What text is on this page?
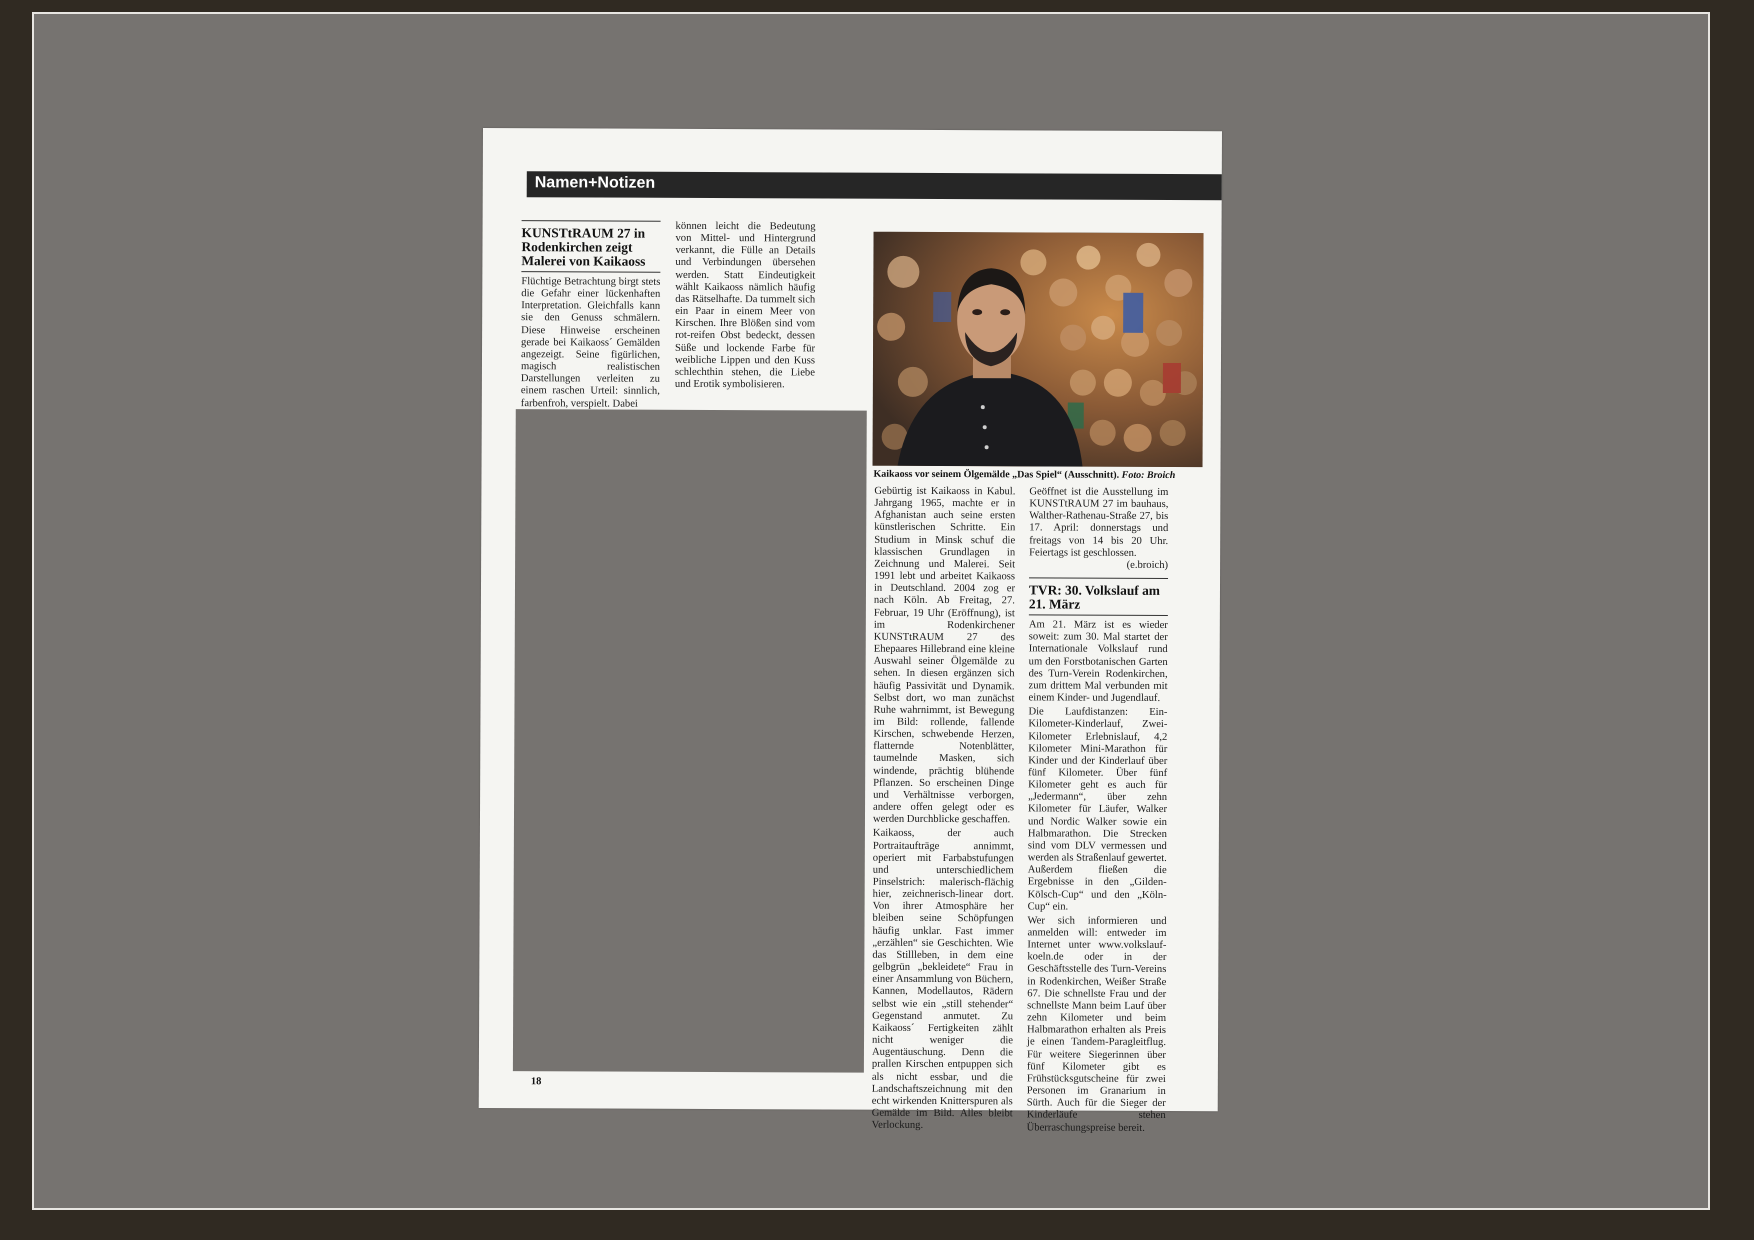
Namen+Notizen
KUNSTtRAUM 27 in Rodenkirchen zeigt Malerei von Kaikaoss

Flüchtige Betrachtung birgt stets die Gefahr einer lückenhaften Interpretation. Gleichfalls kann sie den Genuss schmälern. Diese Hinweise erscheinen gerade bei Kaikaoss´ Gemälden angezeigt. Seine figürlichen, magisch realistischen Darstellungen verleiten zu einem raschen Urteil: sinnlich, farbenfroh, verspielt. Dabei

können leicht die Bedeutung von Mittel- und Hintergrund verkannt, die Fülle an Details und Verbindungen übersehen werden. Statt Eindeutigkeit wählt Kaikaoss nämlich häufig das Rätselhafte. Da tummelt sich ein Paar in einem Meer von Kirschen. Ihre Blößen sind vom rot-reifen Obst bedeckt, dessen Süße und lockende Farbe für weibliche Lippen und den Kuss schlechthin stehen, die Liebe und Erotik symbolisieren.

Kaikaoss vor seinem Ölgemälde „Das Spiel“ (Ausschnitt). Foto: Broich

Gebürtig ist Kaikaoss in Kabul. Jahrgang 1965, machte er in Afghanistan auch seine ersten künstlerischen Schritte. Ein Studium in Minsk schuf die klassischen Grundlagen in Zeichnung und Malerei. Seit 1991 lebt und arbeitet Kaikaoss in Deutschland. 2004 zog er nach Köln. Ab Freitag, 27. Februar, 19 Uhr (Eröffnung), ist im Rodenkirchener KUNSTtRAUM 27 des Ehepaares Hillebrand eine kleine Auswahl seiner Ölgemälde zu sehen. In diesen ergänzen sich häufig Passivität und Dynamik. Selbst dort, wo man zunächst Ruhe wahrnimmt, ist Bewegung im Bild: rollende, fallende Kirschen, schwebende Herzen, flatternde Notenblätter, taumelnde Masken, sich windende, prächtig blühende Pflanzen. So erscheinen Dinge und Verhältnisse verborgen, andere offen gelegt oder es werden Durchblicke geschaffen.

Kaikaoss, der auch Portraitaufträge annimmt, operiert mit Farbabstufungen und unterschiedlichem Pinselstrich: malerisch-flächig hier, zeichnerisch-linear dort. Von ihrer Atmosphäre her bleiben seine Schöpfungen häufig unklar. Fast immer „erzählen“ sie Geschichten. Wie das Stillleben, in dem eine gelbgrün „bekleidete“ Frau in einer Ansammlung von Büchern, Kannen, Modellautos, Rädern selbst wie ein „still stehender“ Gegenstand anmutet. Zu Kaikaoss´ Fertigkeiten zählt nicht weniger die Augentäuschung. Denn die prallen Kirschen entpuppen sich als nicht essbar, und die Landschaftszeichnung mit den echt wirkenden Knitterspuren als Gemälde im Bild. Alles bleibt Verlockung.

Geöffnet ist die Ausstellung im KUNSTtRAUM 27 im bauhaus, Walther-Rathenau-Straße 27, bis 17. April: donnerstags und freitags von 14 bis 20 Uhr. Feiertags ist geschlossen.

(e.broich)
TVR: 30. Volkslauf am 21. März

Am 21. März ist es wieder soweit: zum 30. Mal startet der Internationale Volkslauf rund um den Forstbotanischen Garten des Turn-Verein Rodenkirchen, zum drittem Mal verbunden mit einem Kinder- und Jugendlauf.

Die Laufdistanzen: Ein-Kilometer-Kinderlauf, Zwei-Kilometer Erlebnislauf, 4,2 Kilometer Mini-Marathon für Kinder und der Kinderlauf über fünf Kilometer. Über fünf Kilometer geht es auch für „Jedermann“, über zehn Kilometer für Läufer, Walker und Nordic Walker sowie ein Halbmarathon. Die Strecken sind vom DLV vermessen und werden als Straßenlauf gewertet. Außerdem fließen die Ergebnisse in den „Gilden-Kölsch-Cup“ und den „Köln-Cup“ ein.

Wer sich informieren und anmelden will: entweder im Internet unter www.volkslauf-koeln.de oder in der Geschäftsstelle des Turn-Vereins in Rodenkirchen, Weißer Straße 67. Die schnellste Frau und der schnellste Mann beim Lauf über zehn Kilometer und beim Halbmarathon erhalten als Preis je einen Tandem-Paragleitflug. Für weitere Siegerinnen über fünf Kilometer gibt es Frühstücksgutscheine für zwei Personen im Granarium in Sürth. Auch für die Sieger der Kinderläufe stehen Überraschungspreise bereit.

18
